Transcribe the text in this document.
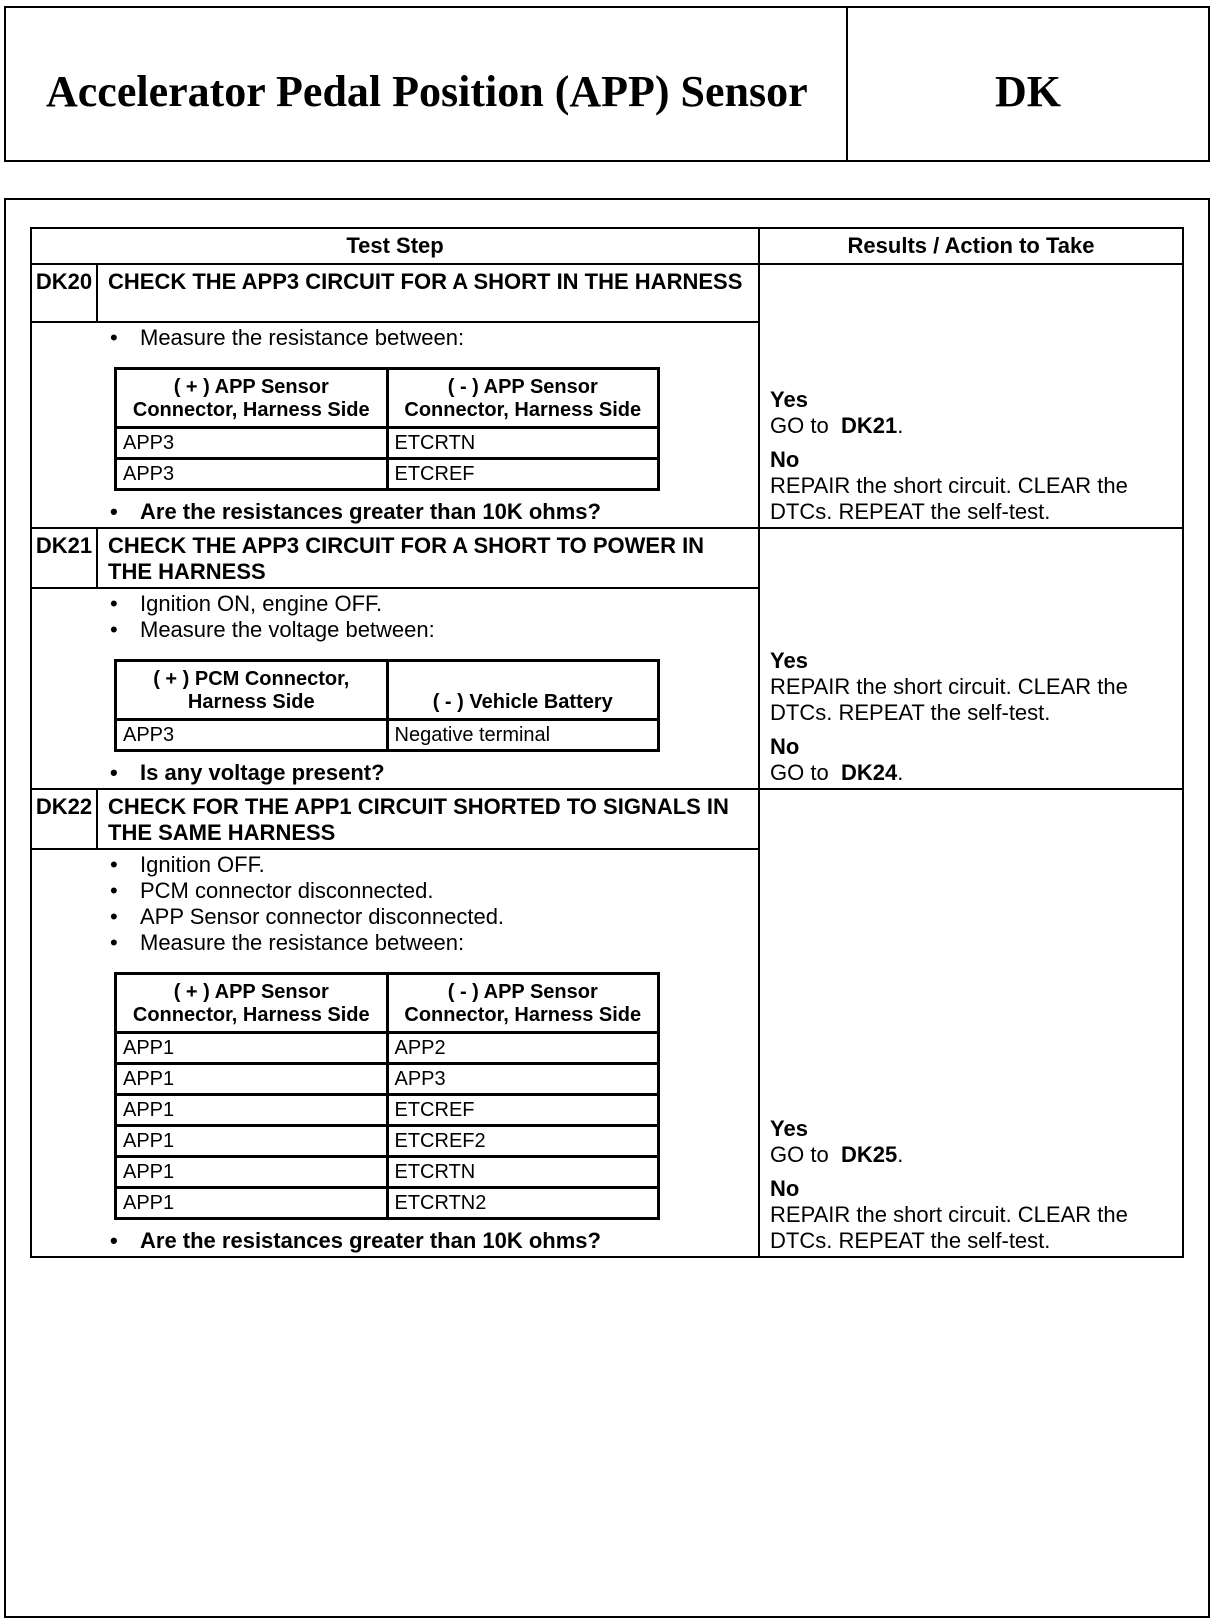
Accelerator Pedal Position (APP) Sensor	DK
Test Step	Results / Action to Take
DK20	CHECK THE APP3 CIRCUIT FOR A SHORT IN THE HARNESS	
Yes
GO to DK21.
No
REPAIR the short circuit. CLEAR the DTCs. REPEAT the self-test.

• Measure the resistance between:
( + ) APP Sensor Connector, Harness Side	( - ) APP Sensor Connector, Harness Side
APP3	ETCRTN
APP3	ETCREF
• Are the resistances greater than 10K ohms?

DK21	CHECK THE APP3 CIRCUIT FOR A SHORT TO POWER IN THE HARNESS	
Yes
REPAIR the short circuit. CLEAR the DTCs. REPEAT the self-test.
No
GO to DK24.

• Ignition ON, engine OFF.
• Measure the voltage between:
( + ) PCM Connector, Harness Side	( - ) Vehicle Battery
APP3	Negative terminal
• Is any voltage present?

DK22	CHECK FOR THE APP1 CIRCUIT SHORTED TO SIGNALS IN THE SAME HARNESS	
Yes
GO to DK25.
No
REPAIR the short circuit. CLEAR the DTCs. REPEAT the self-test.

• Ignition OFF.
• PCM connector disconnected.
• APP Sensor connector disconnected.
• Measure the resistance between:
( + ) APP Sensor Connector, Harness Side	( - ) APP Sensor Connector, Harness Side
APP1	APP2
APP1	APP3
APP1	ETCREF
APP1	ETCREF2
APP1	ETCRTN
APP1	ETCRTN2
• Are the resistances greater than 10K ohms?
